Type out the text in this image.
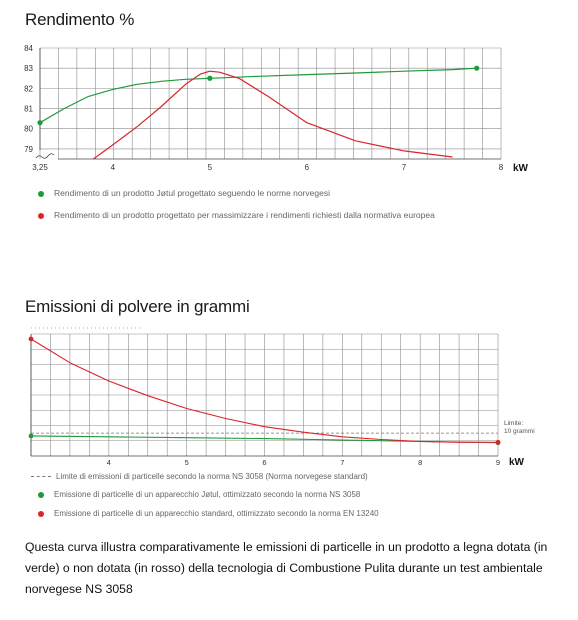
Rendimento %
Emissioni di polvere in grammi
79
80
81
82
83
84
3,25	4	5	6	7	8 kW
Limite:
10 grammi
4	5	6	7	8	9 kW
Rendimento di un prodotto Jøtul progettato seguendo le norme norvegesi
Rendimento di un prodotto progettato per massimizzare i rendimenti richiesti dalla normativa europea
Limite di emissioni di particelle secondo la norma NS 3058 (Norma norvegese standard)
Emissione di particelle di un apparecchio Jøtul, ottimizzato secondo la norma NS 3058
Emissione di particelle di un apparecchio standard, ottimizzato secondo la norma EN 13240
Questa curva illustra comparativamente le emissioni di particelle in un prodotto a legna dotata (in verde) o non dotata (in rosso) della tecnologia di Combustione Pulita durante un test ambientale norvegese NS 3058
